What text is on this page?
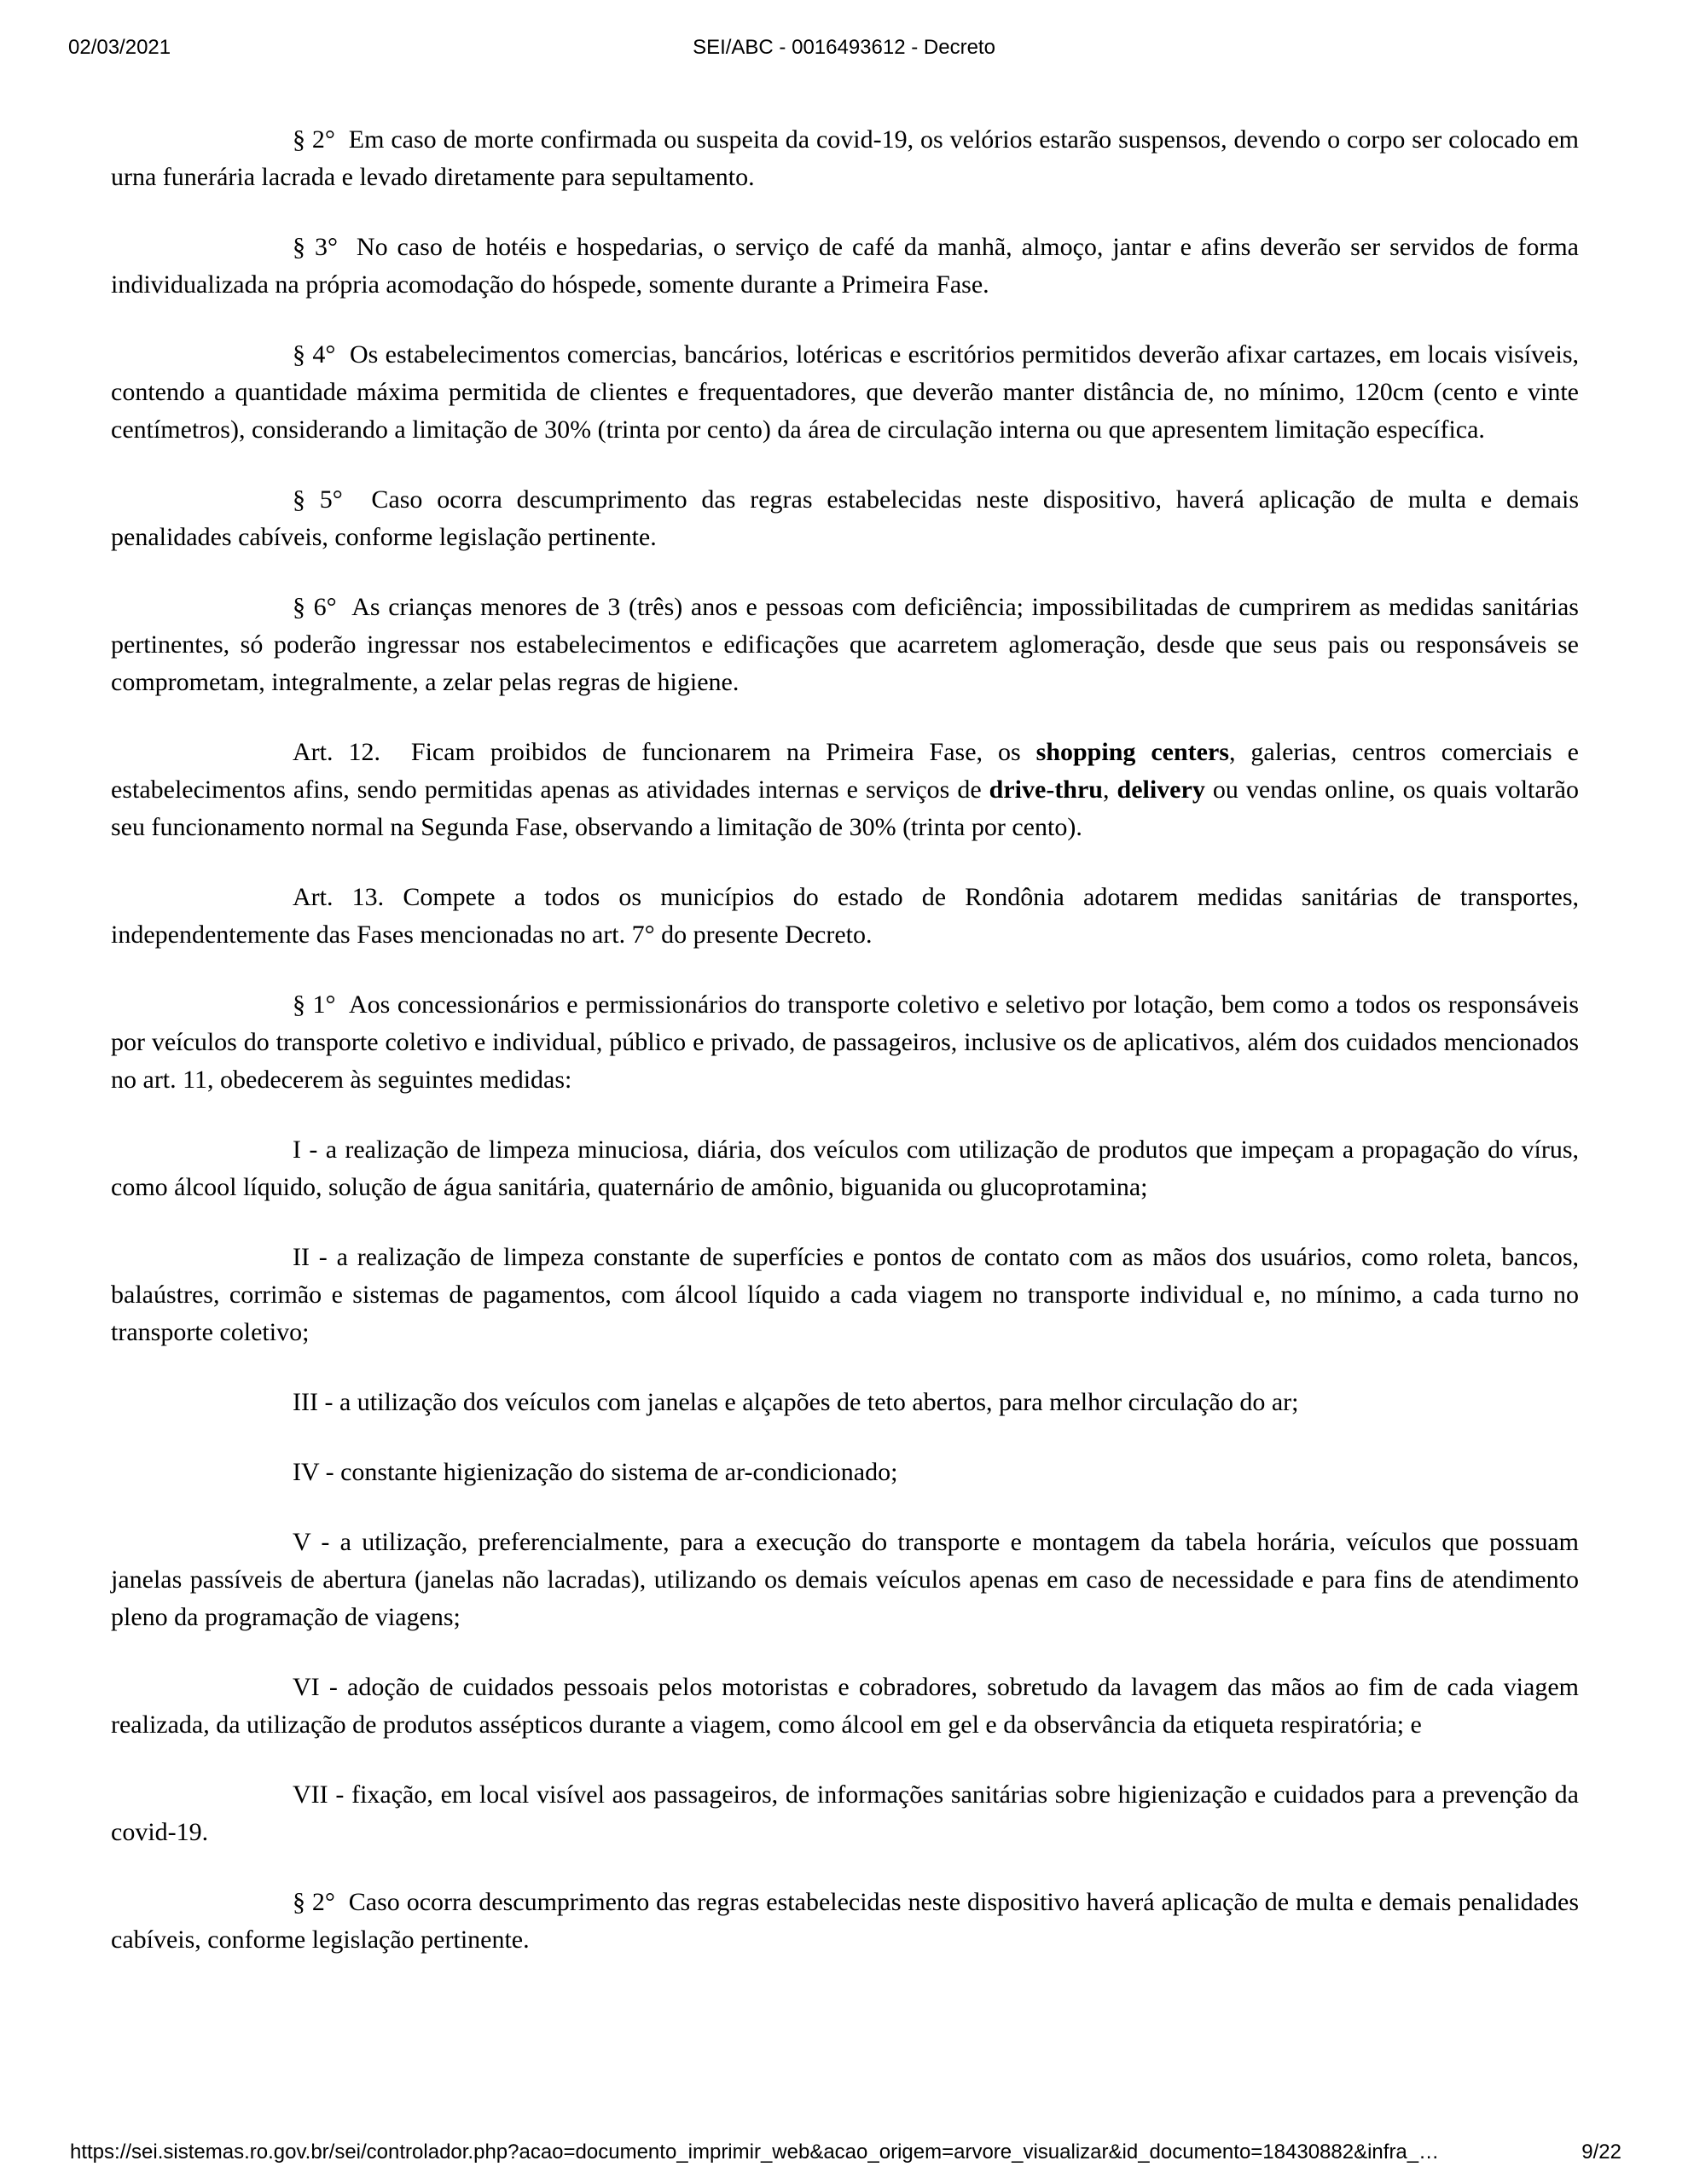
02/03/2021	SEI/ABC - 0016493612 - Decreto

§ 2°  Em caso de morte confirmada ou suspeita da covid-19, os velórios estarão suspensos, devendo o corpo ser colocado em urna funerária lacrada e levado diretamente para sepultamento.

§ 3°  No caso de hotéis e hospedarias, o serviço de café da manhã, almoço, jantar e afins deverão ser servidos de forma individualizada na própria acomodação do hóspede, somente durante a Primeira Fase.

§ 4°  Os estabelecimentos comercias, bancários, lotéricas e escritórios permitidos deverão afixar cartazes, em locais visíveis, contendo a quantidade máxima permitida de clientes e frequentadores, que deverão manter distância de, no mínimo, 120cm (cento e vinte centímetros), considerando a limitação de 30% (trinta por cento) da área de circulação interna ou que apresentem limitação específica.

§ 5°  Caso ocorra descumprimento das regras estabelecidas neste dispositivo, haverá aplicação de multa e demais penalidades cabíveis, conforme legislação pertinente.

§ 6°  As crianças menores de 3 (três) anos e pessoas com deficiência; impossibilitadas de cumprirem as medidas sanitárias pertinentes, só poderão ingressar nos estabelecimentos e edificações que acarretem aglomeração, desde que seus pais ou responsáveis se comprometam, integralmente, a zelar pelas regras de higiene.

Art. 12.  Ficam proibidos de funcionarem na Primeira Fase, os shopping centers, galerias, centros comerciais e estabelecimentos afins, sendo permitidas apenas as atividades internas e serviços de drive-thru, delivery ou vendas online, os quais voltarão seu funcionamento normal na Segunda Fase, observando a limitação de 30% (trinta por cento).

Art. 13. Compete a todos os municípios do estado de Rondônia adotarem medidas sanitárias de transportes, independentemente das Fases mencionadas no art. 7° do presente Decreto.

§ 1°  Aos concessionários e permissionários do transporte coletivo e seletivo por lotação, bem como a todos os responsáveis por veículos do transporte coletivo e individual, público e privado, de passageiros, inclusive os de aplicativos, além dos cuidados mencionados no art. 11, obedecerem às seguintes medidas:

I - a realização de limpeza minuciosa, diária, dos veículos com utilização de produtos que impeçam a propagação do vírus, como álcool líquido, solução de água sanitária, quaternário de amônio, biguanida ou glucoprotamina;

II - a realização de limpeza constante de superfícies e pontos de contato com as mãos dos usuários, como roleta, bancos, balaústres, corrimão e sistemas de pagamentos, com álcool líquido a cada viagem no transporte individual e, no mínimo, a cada turno no transporte coletivo;

III - a utilização dos veículos com janelas e alçapões de teto abertos, para melhor circulação do ar;

IV - constante higienização do sistema de ar-condicionado;

V - a utilização, preferencialmente, para a execução do transporte e montagem da tabela horária, veículos que possuam janelas passíveis de abertura (janelas não lacradas), utilizando os demais veículos apenas em caso de necessidade e para fins de atendimento pleno da programação de viagens;

VI - adoção de cuidados pessoais pelos motoristas e cobradores, sobretudo da lavagem das mãos ao fim de cada viagem realizada, da utilização de produtos assépticos durante a viagem, como álcool em gel e da observância da etiqueta respiratória; e

VII - fixação, em local visível aos passageiros, de informações sanitárias sobre higienização e cuidados para a prevenção da covid-19.

§ 2°  Caso ocorra descumprimento das regras estabelecidas neste dispositivo haverá aplicação de multa e demais penalidades cabíveis, conforme legislação pertinente.

https://sei.sistemas.ro.gov.br/sei/controlador.php?acao=documento_imprimir_web&acao_origem=arvore_visualizar&id_documento=18430882&infra_…	9/22
